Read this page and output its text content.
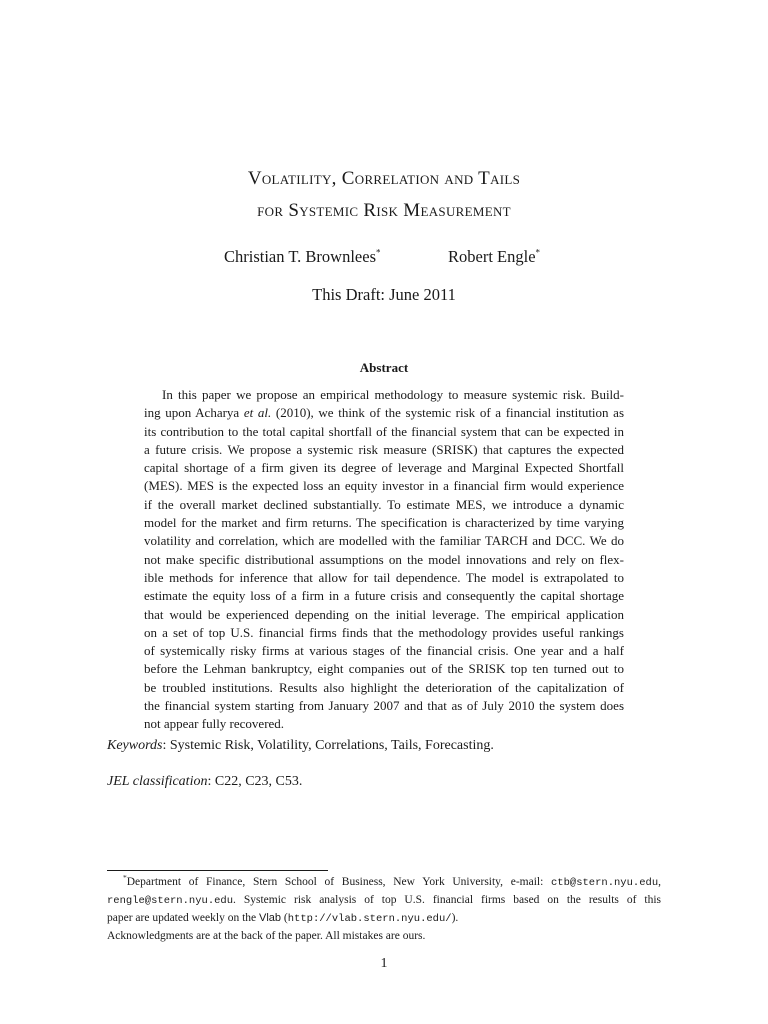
Volatility, Correlation and Tails
for Systemic Risk Measurement
Christian T. Brownlees*	Robert Engle*
This Draft: June 2011
Abstract
In this paper we propose an empirical methodology to measure systemic risk. Build-
ing upon Acharya et al. (2010), we think of the systemic risk of a financial institution as
its contribution to the total capital shortfall of the financial system that can be expected in
a future crisis. We propose a systemic risk measure (SRISK) that captures the expected
capital shortage of a firm given its degree of leverage and Marginal Expected Shortfall
(MES). MES is the expected loss an equity investor in a financial firm would experience
if the overall market declined substantially. To estimate MES, we introduce a dynamic
model for the market and firm returns. The specification is characterized by time varying
volatility and correlation, which are modelled with the familiar TARCH and DCC. We do
not make specific distributional assumptions on the model innovations and rely on flex-
ible methods for inference that allow for tail dependence. The model is extrapolated to
estimate the equity loss of a firm in a future crisis and consequently the capital shortage
that would be experienced depending on the initial leverage. The empirical application
on a set of top U.S. financial firms finds that the methodology provides useful rankings
of systemically risky firms at various stages of the financial crisis. One year and a half
before the Lehman bankruptcy, eight companies out of the SRISK top ten turned out to
be troubled institutions. Results also highlight the deterioration of the capitalization of
the financial system starting from January 2007 and that as of July 2010 the system does
not appear fully recovered.
Keywords: Systemic Risk, Volatility, Correlations, Tails, Forecasting.
JEL classification: C22, C23, C53.
*Department of Finance, Stern School of Business, New York University, e-mail: ctb@stern.nyu.edu,
rengle@stern.nyu.edu. Systemic risk analysis of top U.S. financial firms based on the results of this
paper are updated weekly on the Vlab (http://vlab.stern.nyu.edu/).
Acknowledgments are at the back of the paper. All mistakes are ours.
1
